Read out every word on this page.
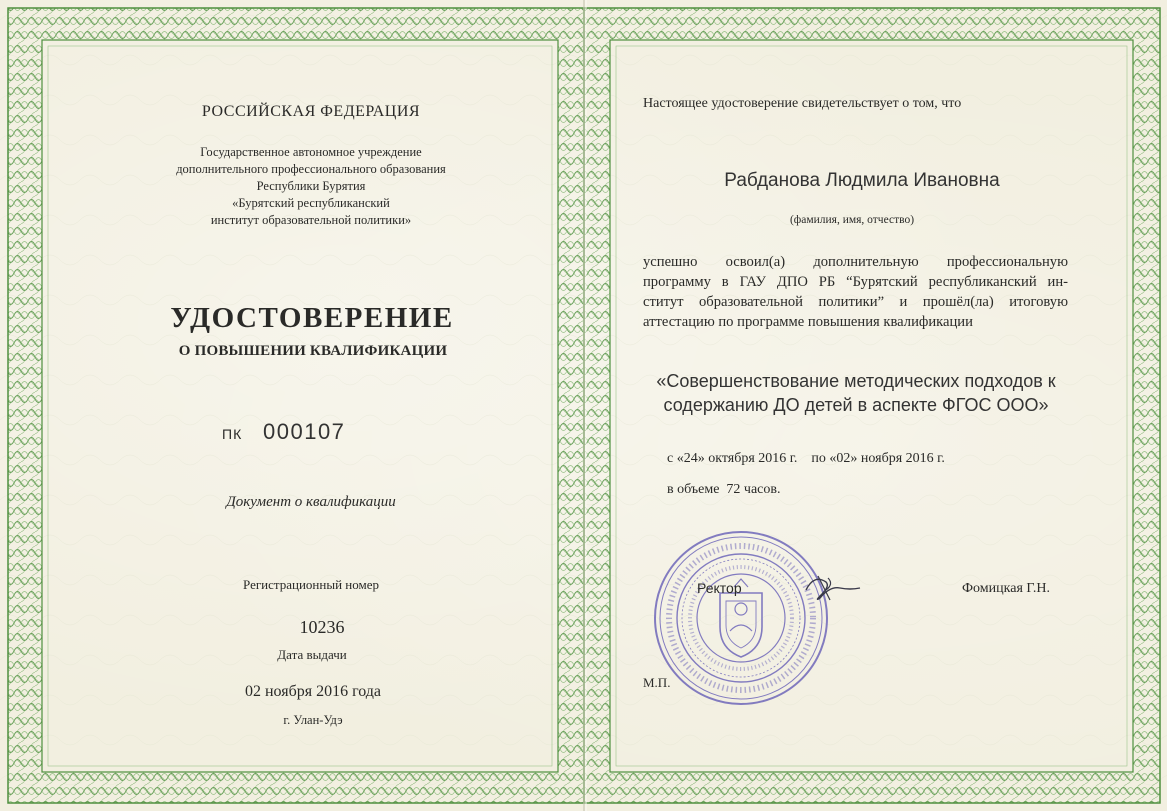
РОССИЙСКАЯ ФЕДЕРАЦИЯ
Государственное автономное учреждение
дополнительного профессионального образования
Республики Бурятия
«Бурятский республиканский
институт образовательной политики»
УДОСТОВЕРЕНИЕ
О ПОВЫШЕНИИ КВАЛИФИКАЦИИ
ПК 000107
Документ о квалификации
Регистрационный номер
10236
Дата выдачи
02 ноября 2016 года
г. Улан-Удэ
Настоящее удостоверение свидетельствует о том, что
Рабданова Людмила Ивановна
(фамилия, имя, отчество)
успешно освоил(а) дополнительную профессиональную
программу в ГАУ ДПО РБ “Бурятский республиканский ин-
ститут образовательной политики” и прошёл(ла) итоговую
аттестацию по программе повышения квалификации
«Совершенствование методических подходов к
содержанию ДО детей в аспекте ФГОС ООО»
с «24» октября 2016 г.    по «02» ноября 2016 г.
в объеме  72 часов.
Ректор	Фомицкая Г.Н.
М.П.
